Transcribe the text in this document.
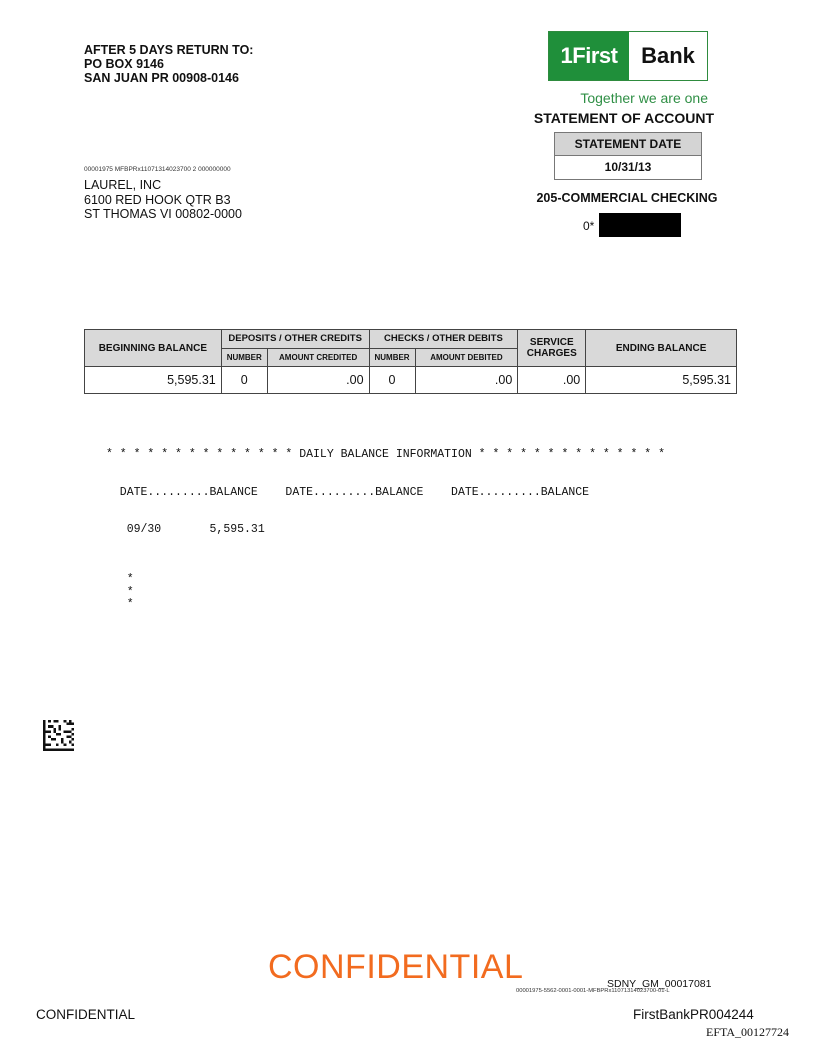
AFTER 5 DAYS RETURN TO:
PO BOX 9146
SAN JUAN PR 00908-0146
1First	Bank
Together we are one
STATEMENT OF ACCOUNT
STATEMENT DATE
10/31/13
205-COMMERCIAL CHECKING
0*
00001975 MFBPRx11071314023700 2 000000000
LAUREL, INC
6100 RED HOOK QTR B3
ST THOMAS VI 00802-0000
BEGINNING BALANCE	DEPOSITS / OTHER CREDITS		CHECKS / OTHER DEBITS		SERVICE CHARGES	ENDING BALANCE
	NUMBER	AMOUNT CREDITED	NUMBER	AMOUNT DEBITED		
5,595.31	0	.00	0	.00	.00	5,595.31

* * * * * * * * * * * * * * DAILY BALANCE INFORMATION * * * * * * * * * * * * * *

DATE.........BALANCE    DATE.........BALANCE    DATE.........BALANCE

09/30       5,595.31

*
*
*

CONFIDENTIAL	SDNY_GM_00017081
00001975-5562-0001-0001-MFBPRx11071314023700-01-L
CONFIDENTIAL	FirstBankPR004244
EFTA_00127724
